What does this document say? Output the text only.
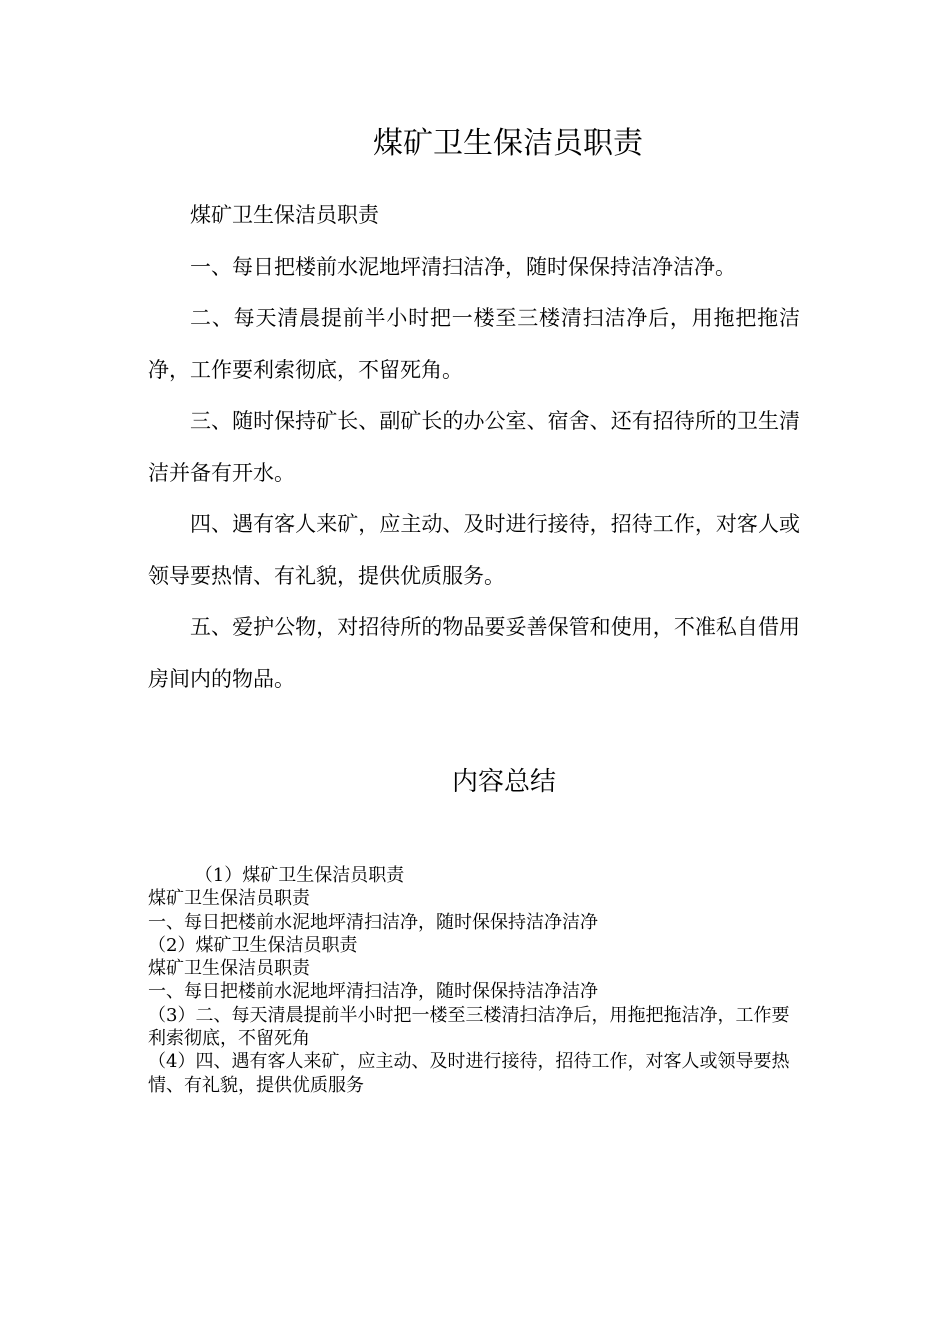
煤矿卫生保洁员职责

煤矿卫生保洁员职责

一、每日把楼前水泥地坪清扫洁净，随时保保持洁净洁净。

二、每天清晨提前半小时把一楼至三楼清扫洁净后，用拖把拖洁净，工作要利索彻底，不留死角。

三、随时保持矿长、副矿长的办公室、宿舍、还有招待所的卫生清洁并备有开水。

四、遇有客人来矿，应主动、及时进行接待，招待工作，对客人或领导要热情、有礼貌，提供优质服务。

五、爱护公物，对招待所的物品要妥善保管和使用，不准私自借用房间内的物品。

内容总结
（1）煤矿卫生保洁员职责
煤矿卫生保洁员职责
一、每日把楼前水泥地坪清扫洁净，随时保保持洁净洁净
（2）煤矿卫生保洁员职责
煤矿卫生保洁员职责
一、每日把楼前水泥地坪清扫洁净，随时保保持洁净洁净
（3）二、每天清晨提前半小时把一楼至三楼清扫洁净后，用拖把拖洁净，工作要利索彻底，不留死角
（4）四、遇有客人来矿，应主动、及时进行接待，招待工作，对客人或领导要热情、有礼貌，提供优质服务
